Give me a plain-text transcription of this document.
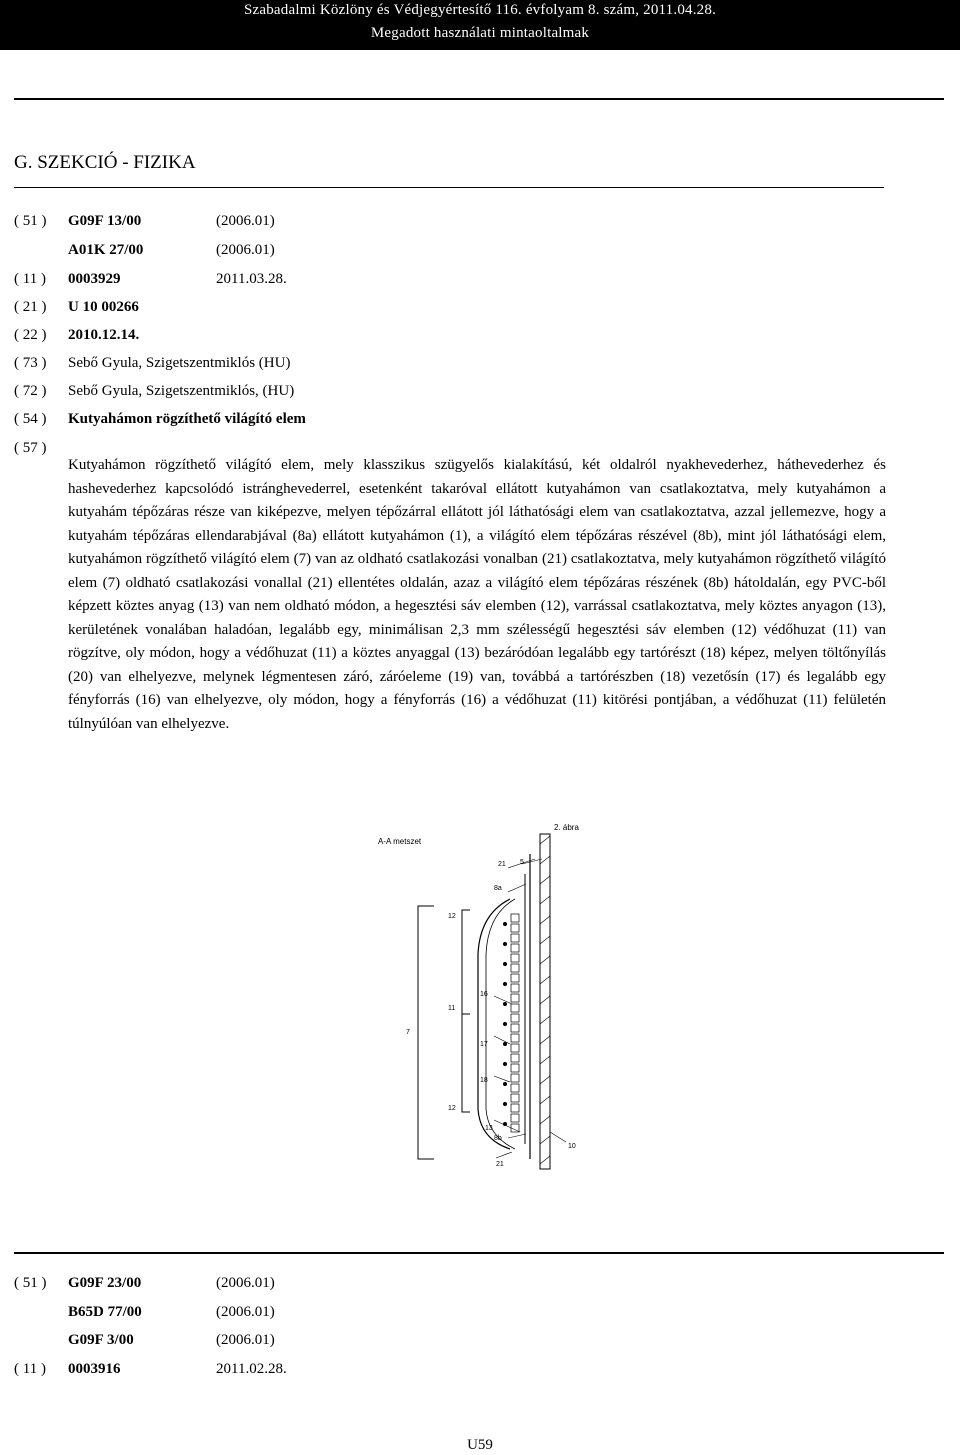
Szabadalmi Közlöny és Védjegyértesítő 116. évfolyam 8. szám, 2011.04.28.
Megadott használati mintaoltalmak
G. SZEKCIÓ - FIZIKA
( 51 )	G09F 13/00	(2006.01)
A01K 27/00	(2006.01)
( 11 )	0003929	2011.03.28.
( 21 )	U 10 00266
( 22 )	2010.12.14.
( 73 )	Sebő Gyula, Szigetszentmiklós (HU)
( 72 )	Sebő Gyula, Szigetszentmiklós, (HU)
( 54 )	Kutyahámon rögzíthető világító elem
( 57 )
Kutyahámon rögzíthető világító elem, mely klasszikus szügyelős kialakítású, két oldalról nyakhevederhez, háthevederhez és hashevederhez kapcsolódó istránghevederrel, esetenként takaróval ellátott kutyahámon van csatlakoztatva, mely kutyahámon a kutyahám tépőzáras része van kiképezve, melyen tépőzárral ellátott jól láthatósági elem van csatlakoztatva, azzal jellemezve, hogy a kutyahám tépőzáras ellendarabjával (8a) ellátott kutyahámon (1), a világító elem tépőzáras részével (8b), mint jól láthatósági elem, kutyahámon rögzíthető világító elem (7) van az oldható csatlakozási vonalban (21) csatlakoztatva, mely kutyahámon rögzíthető világító elem (7) oldható csatlakozási vonallal (21) ellentétes oldalán, azaz a világító elem tépőzáras részének (8b) hátoldalán, egy PVC-ből képzett köztes anyag (13) van nem oldható módon, a hegesztési sáv elemben (12), varrással csatlakoztatva, mely köztes anyagon (13), kerületének vonalában haladóan, legalább egy, minimálisan 2,3 mm szélességű hegesztési sáv elemben (12) védőhuzat (11) van rögzítve, oly módon, hogy a védőhuzat (11) a köztes anyaggal (13) bezáródóan legalább egy tartórészt (18) képez, melyen töltőnyílás (20) van elhelyezve, melynek légmentesen záró, záróeleme (19) van, továbbá a tartórészben (18) vezetősín (17) és legalább egy fényforrás (16) van elhelyezve, oly módon, hogy a fényforrás (16) a védőhuzat (11) kitörési pontjában, a védőhuzat (11) felületén túlnyúlóan van elhelyezve.
2. ábra
A-A metszet
21 5
8a
12
7
11
16
17
18
12
13
8b
10
21
( 51 )	G09F 23/00	(2006.01)
B65D 77/00	(2006.01)
G09F 3/00	(2006.01)
( 11 )	0003916	2011.02.28.
U59
